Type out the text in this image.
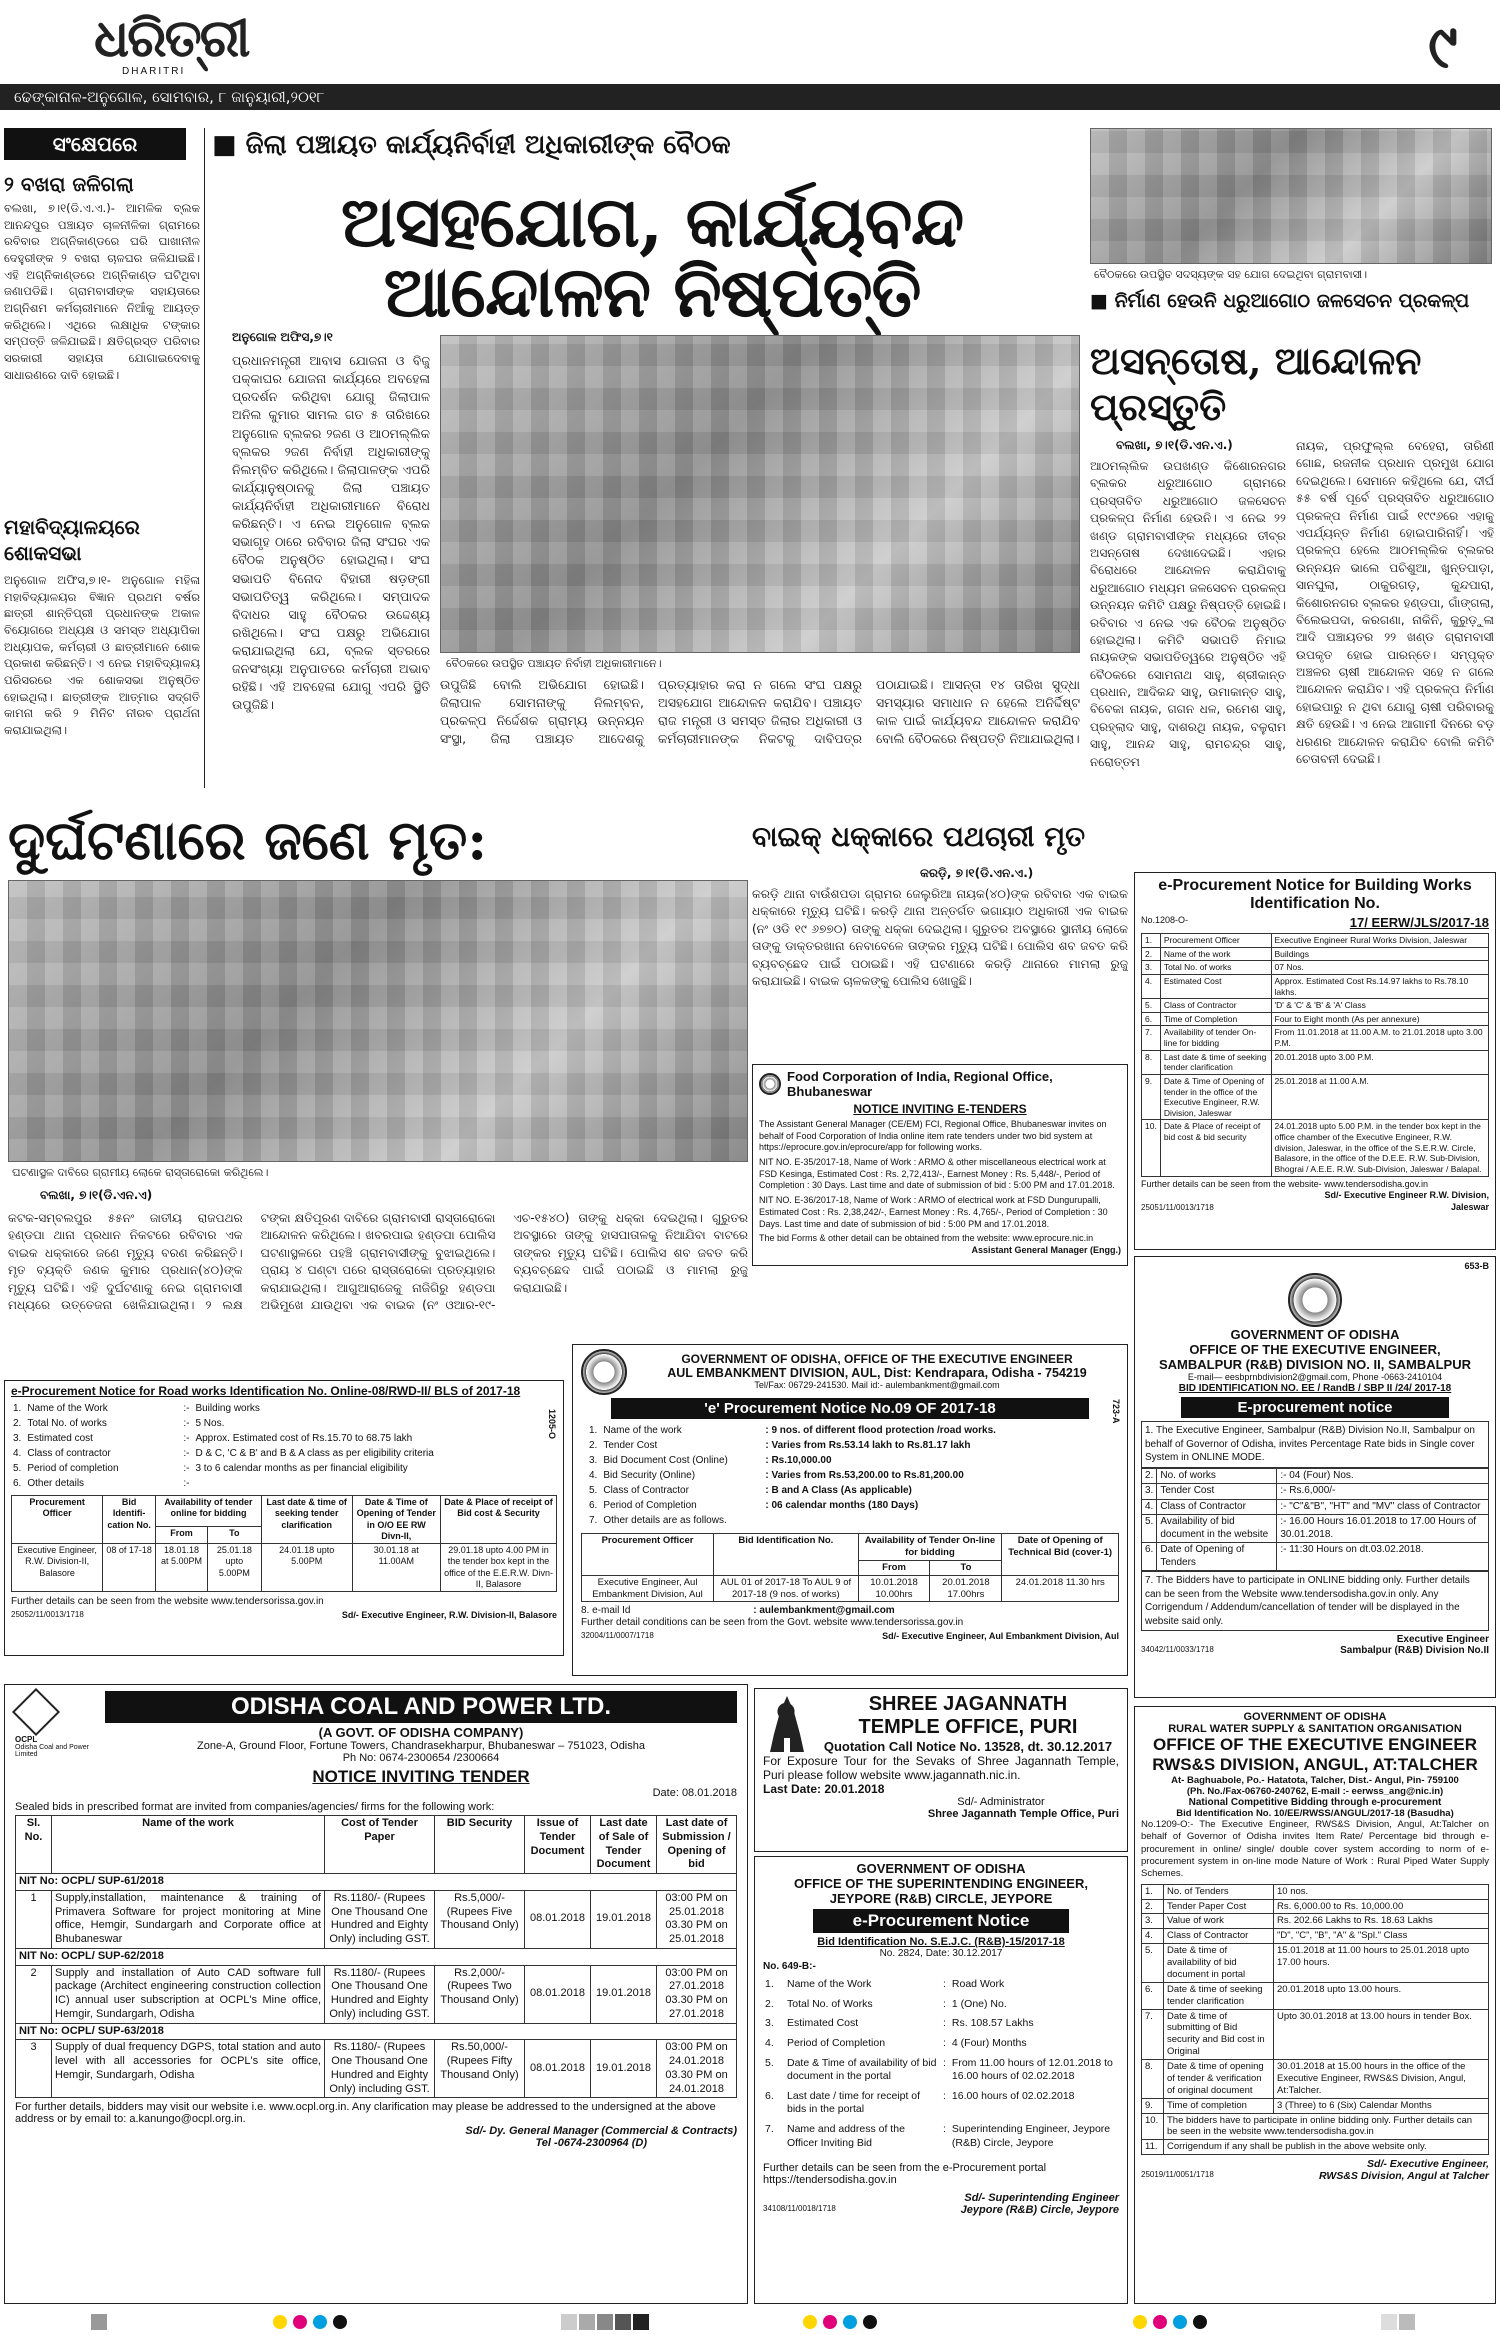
ଧରିତ୍ରୀ
DHARITRI	୯
ଢେଙ୍କାନାଳ-ଅନୁଗୋଳ, ସୋମବାର, ୮ ଜାନୁୟାରୀ,୨୦୧୮
ସଂକ୍ଷେପରେ
୨ ବଖରା ଜଳିଗଲା
ବଲଖା, ୭।୧(ଡି.ଏ.ଏ.)- ଆମଳିକ ବ୍ଲକ ଆନନ୍ଦପୁର ପଞ୍ଚାୟତ ଚାଳନୀଳିକା ଗ୍ରାମରେ ରବିବାର ଅଗ୍ନିକାଣ୍ଡରେ ଘରି ଘାଖାନୀଳ ଦେହୁରୀଙ୍କ ୨ ବଖରା ଚାଳଘର ଜଳିଯାଇଛି। ଏହି ଅଗ୍ନିକାଣ୍ଡରେ ଅଗ୍ନିକାଣ୍ଡ ଘଟିଥିବା ଜଣାପଡିଛି। ଗ୍ରାମବାସୀଙ୍କ ସହାୟତାରେ ଅଗ୍ନିଶମ କର୍ମଚାରୀମାନେ ନିଆଁକୁ ଆୟତ୍ତ କରିଥିଲେ। ଏଥିରେ ଲକ୍ଷାଧିକ ଟଙ୍କାର ସମ୍ପତ୍ତି ଜଳିଯାଇଛି। କ୍ଷତିଗ୍ରସ୍ତ ପରିବାର ସରକାରୀ ସହାୟତା ଯୋଗାଇଦେବାକୁ ସାଧାରଣରେ ଦାବି ହୋଇଛି।
ମହାବିଦ୍ୟାଳୟରେ ଶୋକସଭା
ଅନୁଗୋଳ ଅଫିସ,୭।୧- ଅନୁଗୋଳ ମହିଳା ମହାବିଦ୍ୟାଳୟର ବିଜ୍ଞାନ ପ୍ରଥମ ବର୍ଷର ଛାତ୍ରୀ ଶାନ୍ତିପ୍ରୀ ପ୍ରଧାନଙ୍କ ଅକାଳ ବିୟୋଗରେ ଅଧ୍ୟକ୍ଷ ଓ ସମସ୍ତ ଅଧ୍ୟାପିକା ଅଧ୍ୟାପକ, କର୍ମଚାରୀ ଓ ଛାତ୍ରୀମାନେ ଶୋକ ପ୍ରକାଶ କରିଛନ୍ତି। ଏ ନେଇ ମହାବିଦ୍ୟାଳୟ ପରିସରରେ ଏକ ଶୋକସଭା ଅନୁଷ୍ଠିତ ହୋଇଥିଲା। ଛାତ୍ରୀଙ୍କ ଆତ୍ମାର ସଦ୍ଗତି କାମନା କରି ୨ ମିନିଟ ନୀରବ ପ୍ରାର୍ଥନା କରାଯାଇଥିଲା।
■ ଜିଲା ପଞ୍ଚାୟତ କାର୍ଯ୍ୟନିର୍ବାହୀ ଅଧିକାରୀଙ୍କ ବୈଠକ
ଅସହଯୋଗ, କାର୍ଯ୍ୟବନ୍ଦ ଆନ୍ଦୋଳନ ନିଷ୍ପତ୍ତି
ଅନୁଗୋଳ ଅଫିସ,୭।୧
ପ୍ରଧାନମନ୍ତ୍ରୀ ଆବାସ ଯୋଜନା ଓ ବିଜୁ ପକ୍କାଘର ଯୋଜନା କାର୍ଯ୍ୟରେ ଅବହେଳା ପ୍ରଦର୍ଶନ କରିଥିବା ଯୋଗୁ ଜିଲାପାଳ ଅନିଲ କୁମାର ସାମଲ ଗତ ୫ ତାରିଖରେ ଅନୁଗୋଳ ବ୍ଲକର ୨ଜଣ ଓ ଆଠମଲ୍ଲିକ ବ୍ଲକର ୨ଜଣ ନିର୍ବାହୀ ଅଧିକାରୀଙ୍କୁ ନିଲମ୍ବିତ କରିଥିଲେ। ଜିଲାପାଳଙ୍କ ଏପରି କାର୍ଯ୍ୟାନୁଷ୍ଠାନକୁ ଜିଲା ପଞ୍ଚାୟତ କାର୍ଯ୍ୟନିର୍ବାହୀ ଅଧିକାରୀମାନେ ବିରୋଧ କରିଛନ୍ତି। ଏ ନେଇ ଅନୁଗୋଳ ବ୍ଲକ ସଭାଗୃହ ଠାରେ ରବିବାର ଜିଲା ସଂଘର ଏକ ବୈଠକ ଅନୁଷ୍ଠିତ ହୋଇଥିଲା। ସଂଘ ସଭାପତି ବିନୋଦ ବିହାରୀ ଷଡ଼ଙ୍ଗୀ ସଭାପତିତ୍ୱ କରିଥିଲେ। ସମ୍ପାଦକ ବିଦାଧର ସାହୁ ବୈଠକର ଉଦ୍ଦେଶ୍ୟ ରଖିଥିଲେ। ସଂଘ ପକ୍ଷରୁ ଅଭିଯୋଗ କରାଯାଇଥିଲା ଯେ, ବ୍ଲକ ସ୍ତରରେ ଜନସଂଖ୍ୟା ଅନୁପାତରେ କର୍ମଚାରୀ ଅଭାବ ରହିଛି। ଏହି ଅବହେଳା ଯୋଗୁ ଏପରି ସ୍ଥିତି ଉପୁଜିଛି।
ବୈଠକରେ ଉପସ୍ଥିତ ପଞ୍ଚାୟତ ନିର୍ବାହୀ ଅଧିକାରୀମାନେ।
ଉପୁଜିଛି ବୋଲି ଅଭିଯୋଗ ହୋଇଛି। ଜିଲାପାଳ ସୋମନାଙ୍କୁ ନିଲମ୍ବନ, ପ୍ରକଳ୍ପ ନିର୍ଦ୍ଦେଶକ ଗ୍ରାମ୍ୟ ଉନ୍ନୟନ ସଂସ୍ଥା, ଜିଲା ପଞ୍ଚାୟତ ଆଦେଶକୁ ପ୍ରତ୍ୟାହାର କରା ନ ଗଲେ ସଂଘ ପକ୍ଷରୁ ଅସହଯୋଗ ଆନ୍ଦୋଳନ କରାଯିବ। ପଞ୍ଚାୟତ ରାଜ ମନ୍ତ୍ରୀ ଓ ସମସ୍ତ ଜିଲାର ଅଧିକାରୀ ଓ କର୍ମଚାରୀମାନଙ୍କ ନିକଟକୁ ଦାବିପତ୍ର ପଠାଯାଇଛି। ଆସନ୍ତା ୧୪ ତାରିଖ ସୁଦ୍ଧା ସମସ୍ୟାର ସମାଧାନ ନ ହେଲେ ଅନିର୍ଦ୍ଦିଷ୍ଟ କାଳ ପାଇଁ କାର୍ଯ୍ୟବନ୍ଦ ଆନ୍ଦୋଳନ କରାଯିବ ବୋଲି ବୈଠକରେ ନିଷ୍ପତ୍ତି ନିଆଯାଇଥିଲା।
ବୈଠକରେ ଉପସ୍ଥିତ ସଦସ୍ୟଙ୍କ ସହ ଯୋଗ ଦେଇଥିବା ଗ୍ରାମବାସୀ।
■ ନିର୍ମାଣ ହେଉନି ଧରୁଆଗୋଠ ଜଳସେଚନ ପ୍ରକଳ୍ପ
ଅସନ୍ତୋଷ, ଆନ୍ଦୋଳନ ପ୍ରସ୍ତୁତି
ବଲଖା, ୭।୧(ଡି.ଏନ.ଏ.)
ଆଠମଲ୍ଲିକ ଉପଖଣ୍ଡ କିଶୋରନଗର ବ୍ଲକର ଧରୁଆଗୋଠ ଗ୍ରାମରେ ପ୍ରସ୍ତାବିତ ଧରୁଆଗୋଠ ଜଳସେଚନ ପ୍ରକଳ୍ପ ନିର୍ମାଣ ହେଉନି। ଏ ନେଇ ୨୨ ଖଣ୍ଡ ଗ୍ରାମବାସୀଙ୍କ ମଧ୍ୟରେ ତୀବ୍ର ଅସନ୍ତୋଷ ଦେଖାଦେଇଛି। ଏହାର ବିରୋଧରେ ଆନ୍ଦୋଳନ କରାଯିବାକୁ ଧରୁଆଗୋଠ ମଧ୍ୟମ ଜଳସେଚନ ପ୍ରକଳ୍ପ ଉନ୍ନୟନ କମିଟି ପକ୍ଷରୁ ନିଷ୍ପତ୍ତି ହୋଇଛି। ରବିବାର ଏ ନେଇ ଏକ ବୈଠକ ଅନୁଷ୍ଠିତ ହୋଇଥିଲା। କମିଟି ସଭାପତି ନିମାଇ ନାୟକଙ୍କ ସଭାପତିତ୍ୱରେ ଅନୁଷ୍ଠିତ ଏହି ବୈଠକରେ ସୋମନାଥ ସାହୁ, ଶ୍ରୀକାନ୍ତ ପ୍ରଧାନ, ଆଦିକନ୍ଦ ସାହୁ, ଉମାକାନ୍ତ ସାହୁ, ବିବେକା ନାୟକ, ଗଗନ ଧଳ, ରମେଶ ସାହୁ, ପ୍ରହ୍ଲାଦ ସାହୁ, ଦାଶରଥି ନାୟକ, ବଳୁରାମ ସାହୁ, ଆନନ୍ଦ ସାହୁ, ରାମଚନ୍ଦ୍ର ସାହୁ, ନରୋତ୍ତମ
ନାୟକ, ପ୍ରଫୁଲ୍ଲ ବେହେରା, ତାରିଣୀ ଗୋଛ, ରଜନୀକ ପ୍ରଧାନ ପ୍ରମୁଖ ଯୋଗ ଦେଇଥିଲେ। ସେମାନେ କହିଥିଲେ ଯେ, ଦୀର୍ଘ ୫୫ ବର୍ଷ ପୂର୍ବେ ପ୍ରସ୍ତାବିତ ଧରୁଆଗୋଠ ପ୍ରକଳ୍ପ ନିର୍ମାଣ ପାଇଁ ୧୯୯୬ରେ ଏହାକୁ ଏପର୍ଯ୍ୟନ୍ତ ନିର୍ମାଣ ହୋଇପାରିନାହିଁ। ଏହି ପ୍ରକଳ୍ପ ହେଲେ ଆଠମଲ୍ଲିକ ବ୍ଲକର ଉନ୍ନୟନ ଭାଲେ ପଚିଶୁଆ, ଖୁନ୍ତପାଡ଼ା, ସାନଘୁଲା, ଠାକୁରଗଡ଼, କୁନ୍ଦପାରା, କିଶୋରନଗର ବ୍ଲକର ହଣ୍ଡପା, ଗାଁଙ୍ଗଲା, ବିଲେଇପଦା, କରଗଣା, ନାକିନି, କୁରୁଡ଼ୁଳା ଆଦି ପଞ୍ଚାୟତର ୨୨ ଖଣ୍ଡ ଗ୍ରାମବାସୀ ଉପକୃତ ହୋଇ ପାରନ୍ତେ। ସମ୍ପୃକ୍ତ ଅଞ୍ଚଳର ଚାଷୀ ଆନ୍ଦୋଳନ ସହେ ନ ଗଲେ ଆନ୍ଦୋଳନ କରାଯିବ। ଏହି ପ୍ରକଳ୍ପ ନିର୍ମାଣ ହୋଇପାରୁ ନ ଥିବା ଯୋଗୁ ଚାଷୀ ପରିବାରକୁ କ୍ଷତି ହେଉଛି। ଏ ନେଇ ଆଗାମୀ ଦିନରେ ବଡ଼ ଧରଣର ଆନ୍ଦୋଳନ କରାଯିବ ବୋଲି କମିଟି ଚେତାବନୀ ଦେଇଛି।
ଦୁର୍ଘଟଣାରେ ଜଣେ ମୃତ:
ଘଟଣାସ୍ଥଳ ଦାବିରେ ଗ୍ରାମୀୟ ଲୋକେ ରାସ୍ତାରୋକୋ କରିଥିଲେ।
ବଲଖା, ୭।୧(ଡି.ଏନ.ଏ)
କଟକ-ସମ୍ବଲପୁର ୫୫ନଂ ଜାତୀୟ ରାଜପଥର ହଣ୍ଡପା ଥାନା ପ୍ରଧାନ ନିକଟରେ ରବିବାର ଏକ ବାଇକ ଧକ୍କାରେ ଜଣେ ମୃତ୍ୟୁ ବରଣ କରିଛନ୍ତି। ମୃତ ବ୍ୟକ୍ତି ଜଣକ କୁମାର ପ୍ରଧାନ(୪୦)ଙ୍କ ମୃତ୍ୟୁ ଘଟିଛି। ଏହି ଦୁର୍ଘଟଣାକୁ ନେଇ ଗ୍ରାମବାସୀ ମଧ୍ୟରେ ଉତ୍ତେଜନା ଖେଳିଯାଇଥିଲା। ୨ ଲକ୍ଷ ଟଙ୍କା କ୍ଷତିପୂରଣ ଦାବିରେ ଗ୍ରାମବାସୀ ରାସ୍ତାରୋକୋ ଆନ୍ଦୋଳନ କରିଥିଲେ। ଖବରପାଇ ହଣ୍ଡପା ପୋଲିସ ଘଟଣାସ୍ଥଳରେ ପହଞ୍ଚି ଗ୍ରାମବାସୀଙ୍କୁ ବୁଝାଇଥିଲେ। ପ୍ରାୟ ୪ ଘଣ୍ଟା ପରେ ରାସ୍ତାରୋକୋ ପ୍ରତ୍ୟାହାର କରାଯାଇଥିଲା। ଆଗୁଆରାଜେକୁ ନାଜିଗିରୁ ହଣ୍ଡପା ଅଭିମୁଖେ ଯାଉଥିବା ଏକ ବାଇକ (ନଂ ଓଆର-୧୯-ଏଚ-୧୫୪୦) ତାଙ୍କୁ ଧକ୍କା ଦେଇଥିଲା। ଗୁରୁତର ଅବସ୍ଥାରେ ତାଙ୍କୁ ହାସପାତାଳକୁ ନିଆଯିବା ବାଟରେ ତାଙ୍କର ମୃତ୍ୟୁ ଘଟିଛି। ପୋଲିସ ଶବ ଜବତ କରି ବ୍ୟବଚ୍ଛେଦ ପାଇଁ ପଠାଇଛି ଓ ମାମଲା ରୁଜୁ କରାଯାଇଛି।
ବାଇକ୍ ଧକ୍କାରେ ପଥଚାରୀ ମୃତ
କରଡ଼ି, ୭।୧(ଡି.ଏନ.ଏ.)
କରଡ଼ି ଥାନା ବାଉଁଶପଡା ଗ୍ରାମର ଜେଲୁରିଆ ନାୟକ(୪୦)ଙ୍କ ରବିବାର ଏକ ବାଇକ ଧକ୍କାରେ ମୃତ୍ୟୁ ଘଟିଛି। କରଡ଼ି ଥାନା ଅନ୍ତର୍ଗତ ଭଗାୟାଠ ଅଧିକାରୀ ଏକ ବାଇକ (ନଂ ଓଡି ୧୯ ୬୭୭୦) ତାଙ୍କୁ ଧକ୍କା ଦେଇଥିଲା। ଗୁରୁତର ଅବସ୍ଥାରେ ସ୍ଥାନୀୟ ଲୋକେ ତାଙ୍କୁ ଡାକ୍ତରଖାନା ନେବାବେଳେ ତାଙ୍କର ମୃତ୍ୟୁ ଘଟିଛି। ପୋଲିସ ଶବ ଜବତ କରି ବ୍ୟବଚ୍ଛେଦ ପାଇଁ ପଠାଇଛି। ଏହି ଘଟଣାରେ କରଡ଼ି ଥାନାରେ ମାମଲା ରୁଜୁ କରାଯାଇଛି। ବାଇକ ଚାଳକଙ୍କୁ ପୋଲିସ ଖୋଜୁଛି।
Food Corporation of India, Regional Office, Bhubaneswar
NOTICE INVITING E-TENDERS
The Assistant General Manager (CE/EM) FCI, Regional Office, Bhubaneswar invites on behalf of Food Corporation of India online item rate tenders under two bid system at https://eprocure.gov.in/eprocure/app for following works.
NIT NO. E-35/2017-18, Name of Work : ARMO & other miscellaneous electrical work at FSD Kesinga, Estimated Cost : Rs. 2,72,413/-, Earnest Money : Rs. 5,448/-, Period of Completion : 30 Days. Last time and date of submission of bid : 5:00 PM and 17.01.2018.
NIT NO. E-36/2017-18, Name of Work : ARMO of electrical work at FSD Dungurupalli, Estimated Cost : Rs. 2,38,242/-, Earnest Money : Rs. 4,765/-, Period of Completion : 30 Days. Last time and date of submission of bid : 5:00 PM and 17.01.2018.
The bid Forms & other detail can be obtained from the website: www.eprocure.nic.in
Assistant General Manager (Engg.)
e-Procurement Notice for Building Works Identification No.
No.1208-O-	17/ EERW/JLS/2017-18
1.	Procurement Officer	Executive Engineer Rural Works Division, Jaleswar
2.	Name of the work	Buildings
3.	Total No. of works	07 Nos.
4.	Estimated Cost	Approx. Estimated Cost Rs.14.97 lakhs to Rs.78.10 lakhs.
5.	Class of Contractor	'D' & 'C' & 'B' & 'A' Class
6.	Time of Completion	Four to Eight month (As per annexure)
7.	Availability of tender On-line for bidding	From 11.01.2018 at 11.00 A.M. to 21.01.2018 upto 3.00 P.M.
8.	Last date & time of seeking tender clarification	20.01.2018 upto 3.00 P.M.
9.	Date & Time of Opening of tender in the office of the Executive Engineer, R.W. Division, Jaleswar	25.01.2018 at 11.00 A.M.
10.	Date & Place of receipt of bid cost & bid security	24.01.2018 upto 5.00 P.M. in the tender box kept in the office chamber of the Executive Engineer, R.W. division, Jaleswar, in the office of the S.E.R.W. Circle, Balasore, in the office of the D.E.E. R.W. Sub-Division, Bhograi / A.E.E. R.W. Sub-Division, Jaleswar / Balapal.
Further details can be seen from the website- www.tendersodisha.gov.in
25051/11/0013/1718
Sd/- Executive Engineer R.W. Division, Jaleswar
e-Procurement Notice for Road works Identification No. Online-08/RWD-II/ BLS of 2017-18
1205-O
1.	Name of the Work	:-	Building works
2.	Total No. of works	:-	5 Nos.
3.	Estimated cost	:-	Approx. Estimated cost of Rs.15.70 to 68.75 lakh
4.	Class of contractor	:-	D & C, 'C & B' and B & A class as per eligibility criteria
5.	Period of completion	:-	3 to 6 calendar months as per financial eligibility
6.	Other details	:-	
Procurement Officer	Bid Identifi-cation No.	Availability of tender online for bidding		Last date & time of seeking tender clarification	Date & Time of Opening of Tender in O/O EE RW Divn-II,	Date & Place of receipt of Bid cost & Security
		From	To			
Executive Engineer, R.W. Division-II, Balasore	08 of 17-18	18.01.18 at 5.00PM	25.01.18 upto 5.00PM	24.01.18 upto 5.00PM	30.01.18 at 11.00AM	29.01.18 upto 4.00 PM in the tender box kept in the office of the E.E.R.W. Divn-II, Balasore
Further details can be seen from the website www.tendersorissa.gov.in
25052/11/0013/1718	Sd/- Executive Engineer, R.W. Division-II, Balasore
GOVERNMENT OF ODISHA, OFFICE OF THE EXECUTIVE ENGINEER
AUL EMBANKMENT DIVISION, AUL, Dist: Kendrapara, Odisha - 754219
Tel/Fax: 06729-241530. Mail id:- aulembankment@gmail.com
'e' Procurement Notice No.09 OF 2017-18	723-A
1.	Name of the work	: 9 nos. of different flood protection /road works.
2.	Tender Cost	: Varies from Rs.53.14 lakh to Rs.81.17 lakh
3.	Bid Document Cost (Online)	: Rs.10,000.00
4.	Bid Security (Online)	: Varies from Rs.53,200.00 to Rs.81,200.00
5.	Class of Contractor	: B and A Class (As applicable)
6.	Period of Completion	: 06 calendar months (180 Days)
7.	Other details are as follows.	
Procurement Officer	Bid Identification No.	Availability of Tender On-line for bidding		Date of Opening of Technical Bid (cover-1)
		From	To	
Executive Engineer, Aul Embankment Division, Aul	AUL 01 of 2017-18 To AUL 9 of 2017-18 (9 nos. of works)	10.01.2018 10.00hrs	20.01.2018 17.00hrs	24.01.2018 11.30 hrs
8. e-mail Id	: aulembankment@gmail.com
Further detail conditions can be seen from the Govt. website www.tendersorissa.gov.in
32004/11/0007/1718	Sd/- Executive Engineer, Aul Embankment Division, Aul
653-B
GOVERNMENT OF ODISHA
OFFICE OF THE EXECUTIVE ENGINEER,
SAMBALPUR (R&B) DIVISION NO. II, SAMBALPUR
E-mail— eesbprnbdivision2@gmail.com, Phone -0663-2410104
BID IDENTIFICATION NO. EE / RandB / SBP II /24/ 2017-18
E-procurement notice
1. The Executive Engineer, Sambalpur (R&B) Division No.II, Sambalpur on behalf of Governor of Odisha, invites Percentage Rate bids in Single cover System in ONLINE MODE.
2.	No. of works	:- 04 (Four) Nos.
3.	Tender Cost	:- Rs.6,000/-
4.	Class of Contractor	:- "C"&"B", "HT" and "MV" class of Contractor
5.	Availability of bid document in the website	:- 16.00 Hours 16.01.2018 to 17.00 Hours of 30.01.2018.
6.	Date of Opening of Tenders	:- 11:30 Hours on dt.03.02.2018.
7. The Bidders have to participate in ONLINE bidding only. Further details can be seen from the Website www.tendersodisha.gov.in only. Any Corrigendum / Addendum/cancellation of tender will be displayed in the website said only.
Executive Engineer
34042/11/0033/1718	Sambalpur (R&B) Division No.II
OCPL
Odisha Coal and Power Limited
ODISHA COAL AND POWER LTD.
(A GOVT. OF ODISHA COMPANY)
Zone-A, Ground Floor, Fortune Towers, Chandrasekharpur, Bhubaneswar – 751023, Odisha
Ph No: 0674-2300654 /2300664
NOTICE INVITING TENDER
Date: 08.01.2018
Sealed bids in prescribed format are invited from companies/agencies/ firms for the following work:
Sl. No.	Name of the work	Cost of Tender Paper	BID Security	Issue of Tender Document	Last date of Sale of Tender Document	Last date of Submission / Opening of bid
NIT No: OCPL/ SUP-61/2018						
1	Supply,installation, maintenance & training of Primavera Software for project monitoring at Mine office, Hemgir, Sundargarh and Corporate office at Bhubaneswar	Rs.1180/- (Rupees One Thousand One Hundred and Eighty Only) including GST.	Rs.5,000/- (Rupees Five Thousand Only)	08.01.2018	19.01.2018	03:00 PM on 25.01.2018 03.30 PM on 25.01.2018
NIT No: OCPL/ SUP-62/2018						
2	Supply and installation of Auto CAD software full package (Architect engineering construction collection IC) annual user subscription at OCPL's Mine office, Hemgir, Sundargarh, Odisha	Rs.1180/- (Rupees One Thousand One Hundred and Eighty Only) including GST.	Rs.2,000/- (Rupees Two Thousand Only)	08.01.2018	19.01.2018	03:00 PM on 27.01.2018 03.30 PM on 27.01.2018
NIT No: OCPL/ SUP-63/2018						
3	Supply of dual frequency DGPS, total station and auto level with all accessories for OCPL's site office, Hemgir, Sundargarh, Odisha	Rs.1180/- (Rupees One Thousand One Hundred and Eighty Only) including GST.	Rs.50,000/- (Rupees Fifty Thousand Only)	08.01.2018	19.01.2018	03:00 PM on 24.01.2018 03.30 PM on 24.01.2018
For further details, bidders may visit our website i.e. www.ocpl.org.in. Any clarification may please be addressed to the undersigned at the above address or by email to: a.kanungo@ocpl.org.in.
Sd/- Dy. General Manager (Commercial & Contracts)
Tel -0674-2300964 (D)
SHREE JAGANNATH
TEMPLE OFFICE, PURI
Quotation Call Notice No. 13528, dt. 30.12.2017
For Exposure Tour for the Sevaks of Shree Jagannath Temple, Puri please follow website www.jagannath.nic.in.
Last Date: 20.01.2018
Sd/- Administrator
Shree Jagannath Temple Office, Puri
GOVERNMENT OF ODISHA
OFFICE OF THE SUPERINTENDING ENGINEER,
JEYPORE (R&B) CIRCLE, JEYPORE
e-Procurement Notice
Bid Identification No. S.E.J.C. (R&B)-15/2017-18
No. 2824, Date: 30.12.2017
No. 649-B:-
1.	Name of the Work	:	Road Work
2.	Total No. of Works	:	1 (One) No.
3.	Estimated Cost	:	Rs. 108.57 Lakhs
4.	Period of Completion	:	4 (Four) Months
5.	Date & Time of availability of bid document in the portal	:	From 11.00 hours of 12.01.2018 to 16.00 hours of 02.02.2018
6.	Last date / time for receipt of bids in the portal	:	16.00 hours of 02.02.2018
7.	Name and address of the Officer Inviting Bid	:	Superintending Engineer, Jeypore (R&B) Circle, Jeypore
Further details can be seen from the e-Procurement portal https://tendersodisha.gov.in
Sd/- Superintending Engineer
34108/11/0018/1718	Jeypore (R&B) Circle, Jeypore
GOVERNMENT OF ODISHA
RURAL WATER SUPPLY & SANITATION ORGANISATION
OFFICE OF THE EXECUTIVE ENGINEER
RWS&S DIVISION, ANGUL, AT:TALCHER
At- Baghuabole, Po.- Hatatota, Talcher, Dist.- Angul, Pin- 759100
(Ph. No./Fax-06760-240762, E-mail :- eerwss_ang@nic.in)
National Competitive Bidding through e-procurement
Bid Identification No. 10/EE/RWSS/ANGUL/2017-18 (Basudha)
No.1209-O:- The Executive Engineer, RWS&S Division, Angul, At:Talcher on behalf of Governor of Odisha invites Item Rate/ Percentage bid through e-procurement in online/ single/ double cover system according to norm of e-procurement system in on-line mode Nature of Work : Rural Piped Water Supply Schemes.
1.	No. of Tenders	10 nos.
2.	Tender Paper Cost	Rs. 6,000.00 to Rs. 10,000.00
3.	Value of work	Rs. 202.66 Lakhs to Rs. 18.63 Lakhs
4.	Class of Contractor	"D", "C", "B", "A" & "Spl." Class
5.	Date & time of availability of bid document in portal	15.01.2018 at 11.00 hours to 25.01.2018 upto 17.00 hours.
6.	Date & time of seeking tender clarification	20.01.2018 upto 13.00 hours.
7.	Date & time of submitting of Bid security and Bid cost in Original	Upto 30.01.2018 at 13.00 hours in tender Box.
8.	Date & time of opening of tender & verification of original document	30.01.2018 at 15.00 hours in the office of the Executive Engineer, RWS&S Division, Angul, At:Talcher.
9.	Time of completion	3 (Three) to 6 (Six) Calendar Months
10.	The bidders have to participate in online bidding only. Further details can be seen in the website www.tendersodisha.gov.in	
11.	Corrigendum if any shall be publish in the above website only.	
Sd/- Executive Engineer,
25019/11/0051/1718	RWS&S Division, Angul at Talcher
